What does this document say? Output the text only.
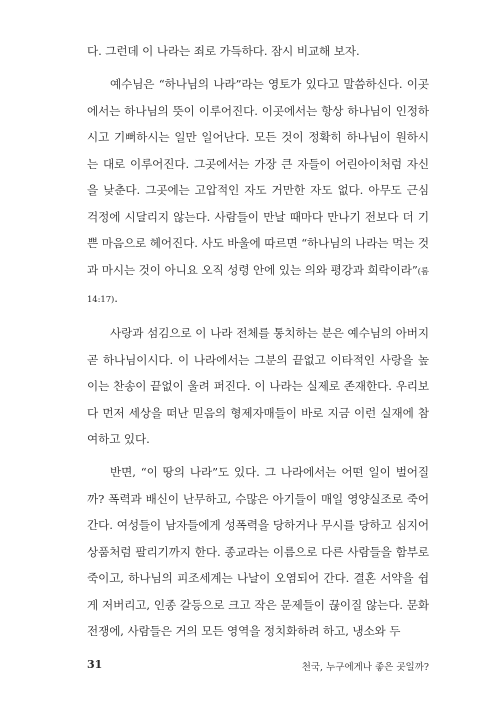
다. 그런데 이 나라는 죄로 가득하다. 잠시 비교해 보자.

예수님은 “하나님의 나라”라는 영토가 있다고 말씀하신다. 이곳에서는 하나님의 뜻이 이루어진다. 이곳에서는 항상 하나님이 인정하시고 기뻐하시는 일만 일어난다. 모든 것이 정확히 하나님이 원하시는 대로 이루어진다. 그곳에서는 가장 큰 자들이 어린아이처럼 자신을 낮춘다. 그곳에는 고압적인 자도 거만한 자도 없다. 아무도 근심 걱정에 시달리지 않는다. 사람들이 만날 때마다 만나기 전보다 더 기쁜 마음으로 헤어진다. 사도 바울에 따르면 “하나님의 나라는 먹는 것과 마시는 것이 아니요 오직 성령 안에 있는 의와 평강과 희락이라”(롬 14:17).

사랑과 섬김으로 이 나라 전체를 통치하는 분은 예수님의 아버지 곧 하나님이시다. 이 나라에서는 그분의 끝없고 이타적인 사랑을 높이는 찬송이 끝없이 울려 퍼진다. 이 나라는 실제로 존재한다. 우리보다 먼저 세상을 떠난 믿음의 형제자매들이 바로 지금 이런 실재에 참여하고 있다.

반면, “이 땅의 나라”도 있다. 그 나라에서는 어떤 일이 벌어질까? 폭력과 배신이 난무하고, 수많은 아기들이 매일 영양실조로 죽어간다. 여성들이 남자들에게 성폭력을 당하거나 무시를 당하고 심지어 상품처럼 팔리기까지 한다. 종교라는 이름으로 다른 사람들을 함부로 죽이고, 하나님의 피조세계는 나날이 오염되어 간다. 결혼 서약을 쉽게 저버리고, 인종 갈등으로 크고 작은 문제들이 끊이질 않는다. 문화 전쟁에, 사람들은 거의 모든 영역을 정치화하려 하고, 냉소와 두

31	천국, 누구에게나 좋은 곳일까?
